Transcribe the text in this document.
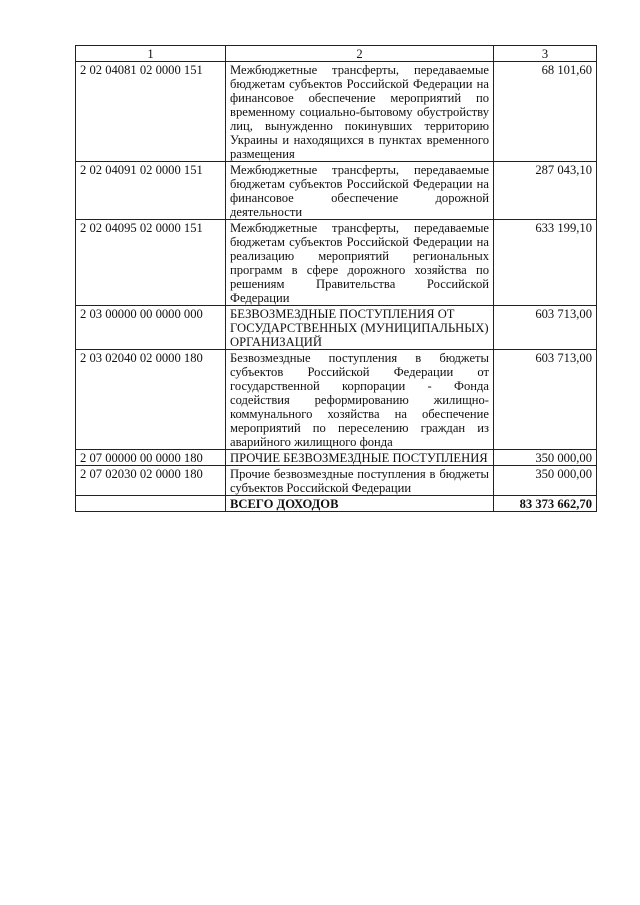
1	2	3
2 02 04081 02 0000 151	Межбюджетные трансферты, передаваемые бюджетам субъектов Российской Федерации на финансовое обеспечение мероприятий по временному социально-бытовому обустройству лиц, вынужденно покинувших территорию Украины и находящихся в пунктах временного размещения	68 101,60
2 02 04091 02 0000 151	Межбюджетные трансферты, передаваемые бюджетам субъектов Российской Федерации на финансовое обеспечение дорожной деятельности	287 043,10
2 02 04095 02 0000 151	Межбюджетные трансферты, передаваемые бюджетам субъектов Российской Федерации на реализацию мероприятий региональных программ в сфере дорожного хозяйства по решениям Правительства Российской Федерации	633 199,10
2 03 00000 00 0000 000	БЕЗВОЗМЕЗДНЫЕ ПОСТУПЛЕНИЯ ОТ ГОСУДАРСТВЕННЫХ (МУНИЦИПАЛЬНЫХ) ОРГАНИЗАЦИЙ	603 713,00
2 03 02040 02 0000 180	Безвозмездные поступления в бюджеты субъектов Российской Федерации от государственной корпорации - Фонда содействия реформированию жилищно-коммунального хозяйства на обеспечение мероприятий по переселению граждан из аварийного жилищного фонда	603 713,00
2 07 00000 00 0000 180	ПРОЧИЕ БЕЗВОЗМЕЗДНЫЕ ПОСТУПЛЕНИЯ	350 000,00
2 07 02030 02 0000 180	Прочие безвозмездные поступления в бюджеты субъектов Российской Федерации	350 000,00
	ВСЕГО ДОХОДОВ	83 373 662,70
